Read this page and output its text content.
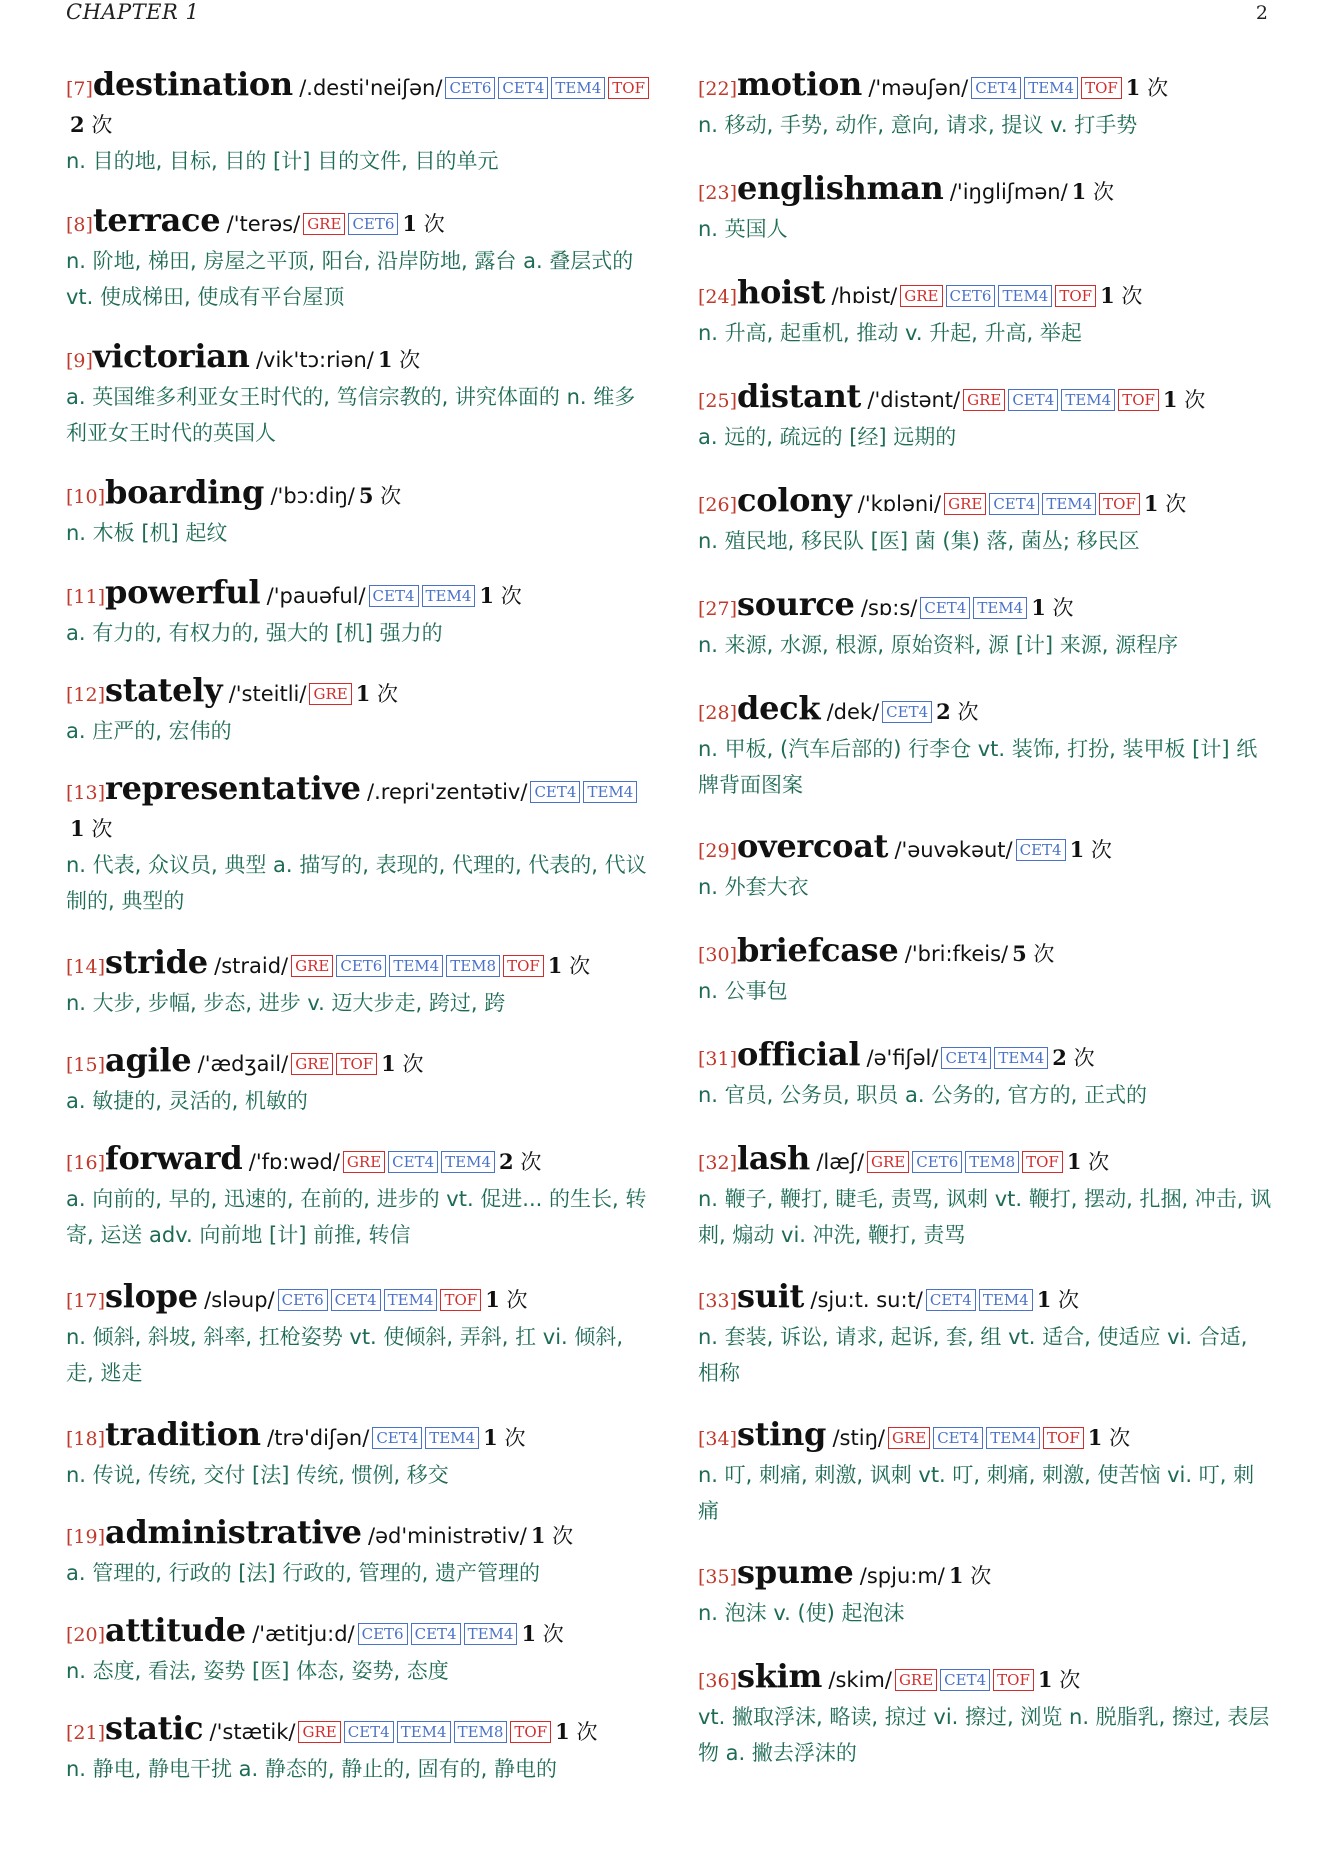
CHAPTER 1	2
[7]destination /.desti'neiʃən/ CET6 CET4 TEM4 TOF2 次
n. 目的地, 目标, 目的 [计] 目的文件, 目的单元
[8]terrace /'terəs/ GRE CET6 1 次
n. 阶地, 梯田, 房屋之平顶, 阳台, 沿岸防地, 露台 a. 叠层式的 vt. 使成梯田, 使成有平台屋顶
[9]victorian /vik'tɔ:riən/ 1 次
a. 英国维多利亚女王时代的, 笃信宗教的, 讲究体面的 n. 维多利亚女王时代的英国人
[10]boarding /'bɔ:diŋ/ 5 次
n. 木板 [机] 起纹
[11]powerful /'pauəful/ CET4 TEM4 1 次
a. 有力的, 有权力的, 强大的 [机] 强力的
[12]stately /'steitli/ GRE 1 次
a. 庄严的, 宏伟的
[13]representative /.repri'zentətiv/ CET4 TEM41 次
n. 代表, 众议员, 典型 a. 描写的, 表现的, 代理的, 代表的, 代议制的, 典型的
[14]stride /straid/ GRE CET6 TEM4 TEM8 TOF 1 次
n. 大步, 步幅, 步态, 进步 v. 迈大步走, 跨过, 跨
[15]agile /'ædʒail/ GRE TOF 1 次
a. 敏捷的, 灵活的, 机敏的
[16]forward /'fɒ:wəd/ GRE CET4 TEM4 2 次
a. 向前的, 早的, 迅速的, 在前的, 进步的 vt. 促进... 的生长, 转寄, 运送 adv. 向前地 [计] 前推, 转信
[17]slope /sləup/ CET6 CET4 TEM4 TOF 1 次
n. 倾斜, 斜坡, 斜率, 扛枪姿势 vt. 使倾斜, 弄斜, 扛 vi. 倾斜, 走, 逃走
[18]tradition /trə'diʃən/ CET4 TEM4 1 次
n. 传说, 传统, 交付 [法] 传统, 惯例, 移交
[19]administrative /əd'ministrətiv/ 1 次
a. 管理的, 行政的 [法] 行政的, 管理的, 遗产管理的
[20]attitude /'ætitju:d/ CET6 CET4 TEM4 1 次
n. 态度, 看法, 姿势 [医] 体态, 姿势, 态度
[21]static /'stætik/ GRE CET4 TEM4 TEM8 TOF 1 次
n. 静电, 静电干扰 a. 静态的, 静止的, 固有的, 静电的
[22]motion /'məuʃən/ CET4 TEM4 TOF 1 次
n. 移动, 手势, 动作, 意向, 请求, 提议 v. 打手势
[23]englishman /'iŋgliʃmən/ 1 次
n. 英国人
[24]hoist /hɒist/ GRE CET6 TEM4 TOF 1 次
n. 升高, 起重机, 推动 v. 升起, 升高, 举起
[25]distant /'distənt/ GRE CET4 TEM4 TOF 1 次
a. 远的, 疏远的 [经] 远期的
[26]colony /'kɒləni/ GRE CET4 TEM4 TOF 1 次
n. 殖民地, 移民队 [医] 菌 (集) 落, 菌丛; 移民区
[27]source /sɒ:s/ CET4 TEM4 1 次
n. 来源, 水源, 根源, 原始资料, 源 [计] 来源, 源程序
[28]deck /dek/ CET4 2 次
n. 甲板, (汽车后部的) 行李仓 vt. 装饰, 打扮, 装甲板 [计] 纸牌背面图案
[29]overcoat /'əuvəkəut/ CET4 1 次
n. 外套大衣
[30]briefcase /'bri:fkeis/ 5 次
n. 公事包
[31]official /ə'fiʃəl/ CET4 TEM4 2 次
n. 官员, 公务员, 职员 a. 公务的, 官方的, 正式的
[32]lash /læʃ/ GRE CET6 TEM8 TOF 1 次
n. 鞭子, 鞭打, 睫毛, 责骂, 讽刺 vt. 鞭打, 摆动, 扎捆, 冲击, 讽刺, 煽动 vi. 冲洗, 鞭打, 责骂
[33]suit /sju:t. su:t/ CET4 TEM4 1 次
n. 套装, 诉讼, 请求, 起诉, 套, 组 vt. 适合, 使适应 vi. 合适, 相称
[34]sting /stiŋ/ GRE CET4 TEM4 TOF 1 次
n. 叮, 刺痛, 刺激, 讽刺 vt. 叮, 刺痛, 刺激, 使苦恼 vi. 叮, 刺痛
[35]spume /spju:m/ 1 次
n. 泡沫 v. (使) 起泡沫
[36]skim /skim/ GRE CET4 TOF 1 次
vt. 撇取浮沫, 略读, 掠过 vi. 擦过, 浏览 n. 脱脂乳, 擦过, 表层物 a. 撇去浮沫的
